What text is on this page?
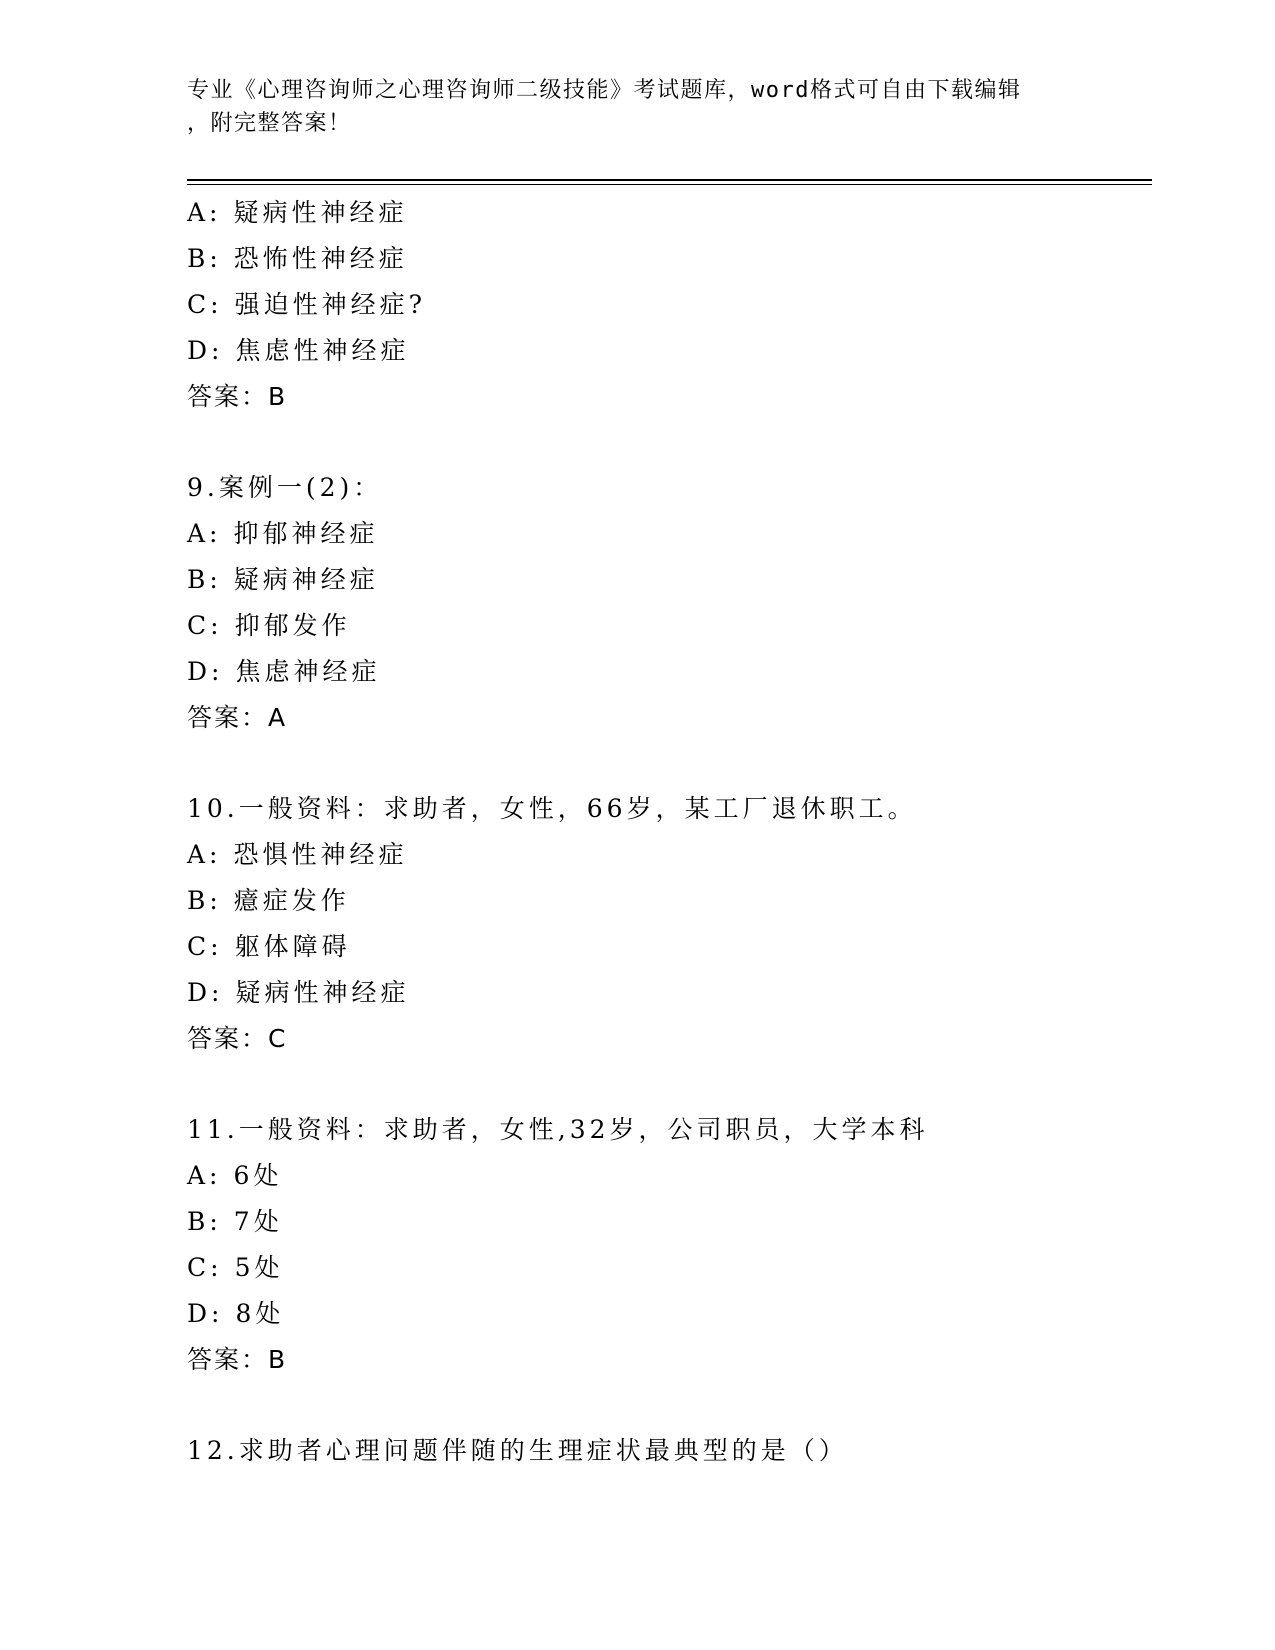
专业《心理咨询师之心理咨询师二级技能》考试题库，word格式可自由下载编辑
，附完整答案！
A: 疑病性神经症
B: 恐怖性神经症
C: 强迫性神经症?
D: 焦虑性神经症
答案：B
9.案例一(2)：
A: 抑郁神经症
B: 疑病神经症
C: 抑郁发作
D: 焦虑神经症
答案：A
10.一般资料：求助者，女性，66岁，某工厂退休职工。
A: 恐惧性神经症
B: 癔症发作
C: 躯体障碍
D: 疑病性神经症
答案：C
11.一般资料：求助者，女性,32岁，公司职员，大学本科
A: 6处
B: 7处
C: 5处
D: 8处
答案：B
12.求助者心理问题伴随的生理症状最典型的是（）
